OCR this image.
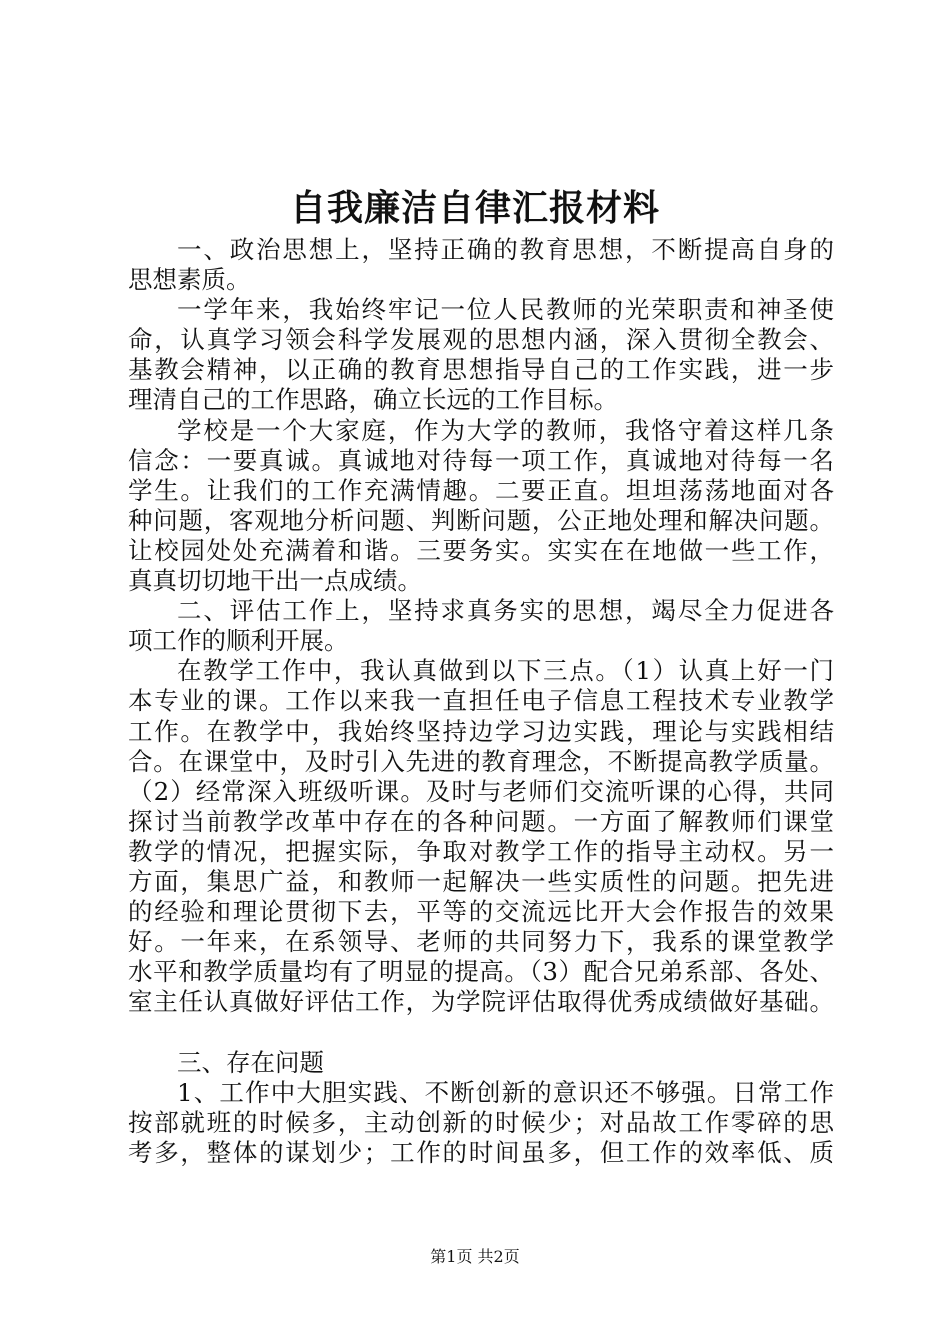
自我廉洁自律汇报材料
一、政治思想上，坚持正确的教育思想，不断提高自身的
思想素质。
一学年来，我始终牢记一位人民教师的光荣职责和神圣使
命，认真学习领会科学发展观的思想内涵，深入贯彻全教会、
基教会精神，以正确的教育思想指导自己的工作实践，进一步
理清自己的工作思路，确立长远的工作目标。
学校是一个大家庭，作为大学的教师，我恪守着这样几条
信念：一要真诚。真诚地对待每一项工作，真诚地对待每一名
学生。让我们的工作充满情趣。二要正直。坦坦荡荡地面对各
种问题，客观地分析问题、判断问题，公正地处理和解决问题。
让校园处处充满着和谐。三要务实。实实在在地做一些工作，
真真切切地干出一点成绩。
二、评估工作上，坚持求真务实的思想，竭尽全力促进各
项工作的顺利开展。
在教学工作中，我认真做到以下三点。（1）认真上好一门
本专业的课。工作以来我一直担任电子信息工程技术专业教学
工作。在教学中，我始终坚持边学习边实践，理论与实践相结
合。在课堂中，及时引入先进的教育理念，不断提高教学质量。
（2）经常深入班级听课。及时与老师们交流听课的心得，共同
探讨当前教学改革中存在的各种问题。一方面了解教师们课堂
教学的情况，把握实际，争取对教学工作的指导主动权。另一
方面，集思广益，和教师一起解决一些实质性的问题。把先进
的经验和理论贯彻下去，平等的交流远比开大会作报告的效果
好。一年来，在系领导、老师的共同努力下，我系的课堂教学
水平和教学质量均有了明显的提高。（3）配合兄弟系部、各处、
室主任认真做好评估工作，为学院评估取得优秀成绩做好基础。
三、存在问题
1、工作中大胆实践、不断创新的意识还不够强。日常工作
按部就班的时候多，主动创新的时候少；对品故工作零碎的思
考多，整体的谋划少；工作的时间虽多，但工作的效率低、质
第1页 共2页
